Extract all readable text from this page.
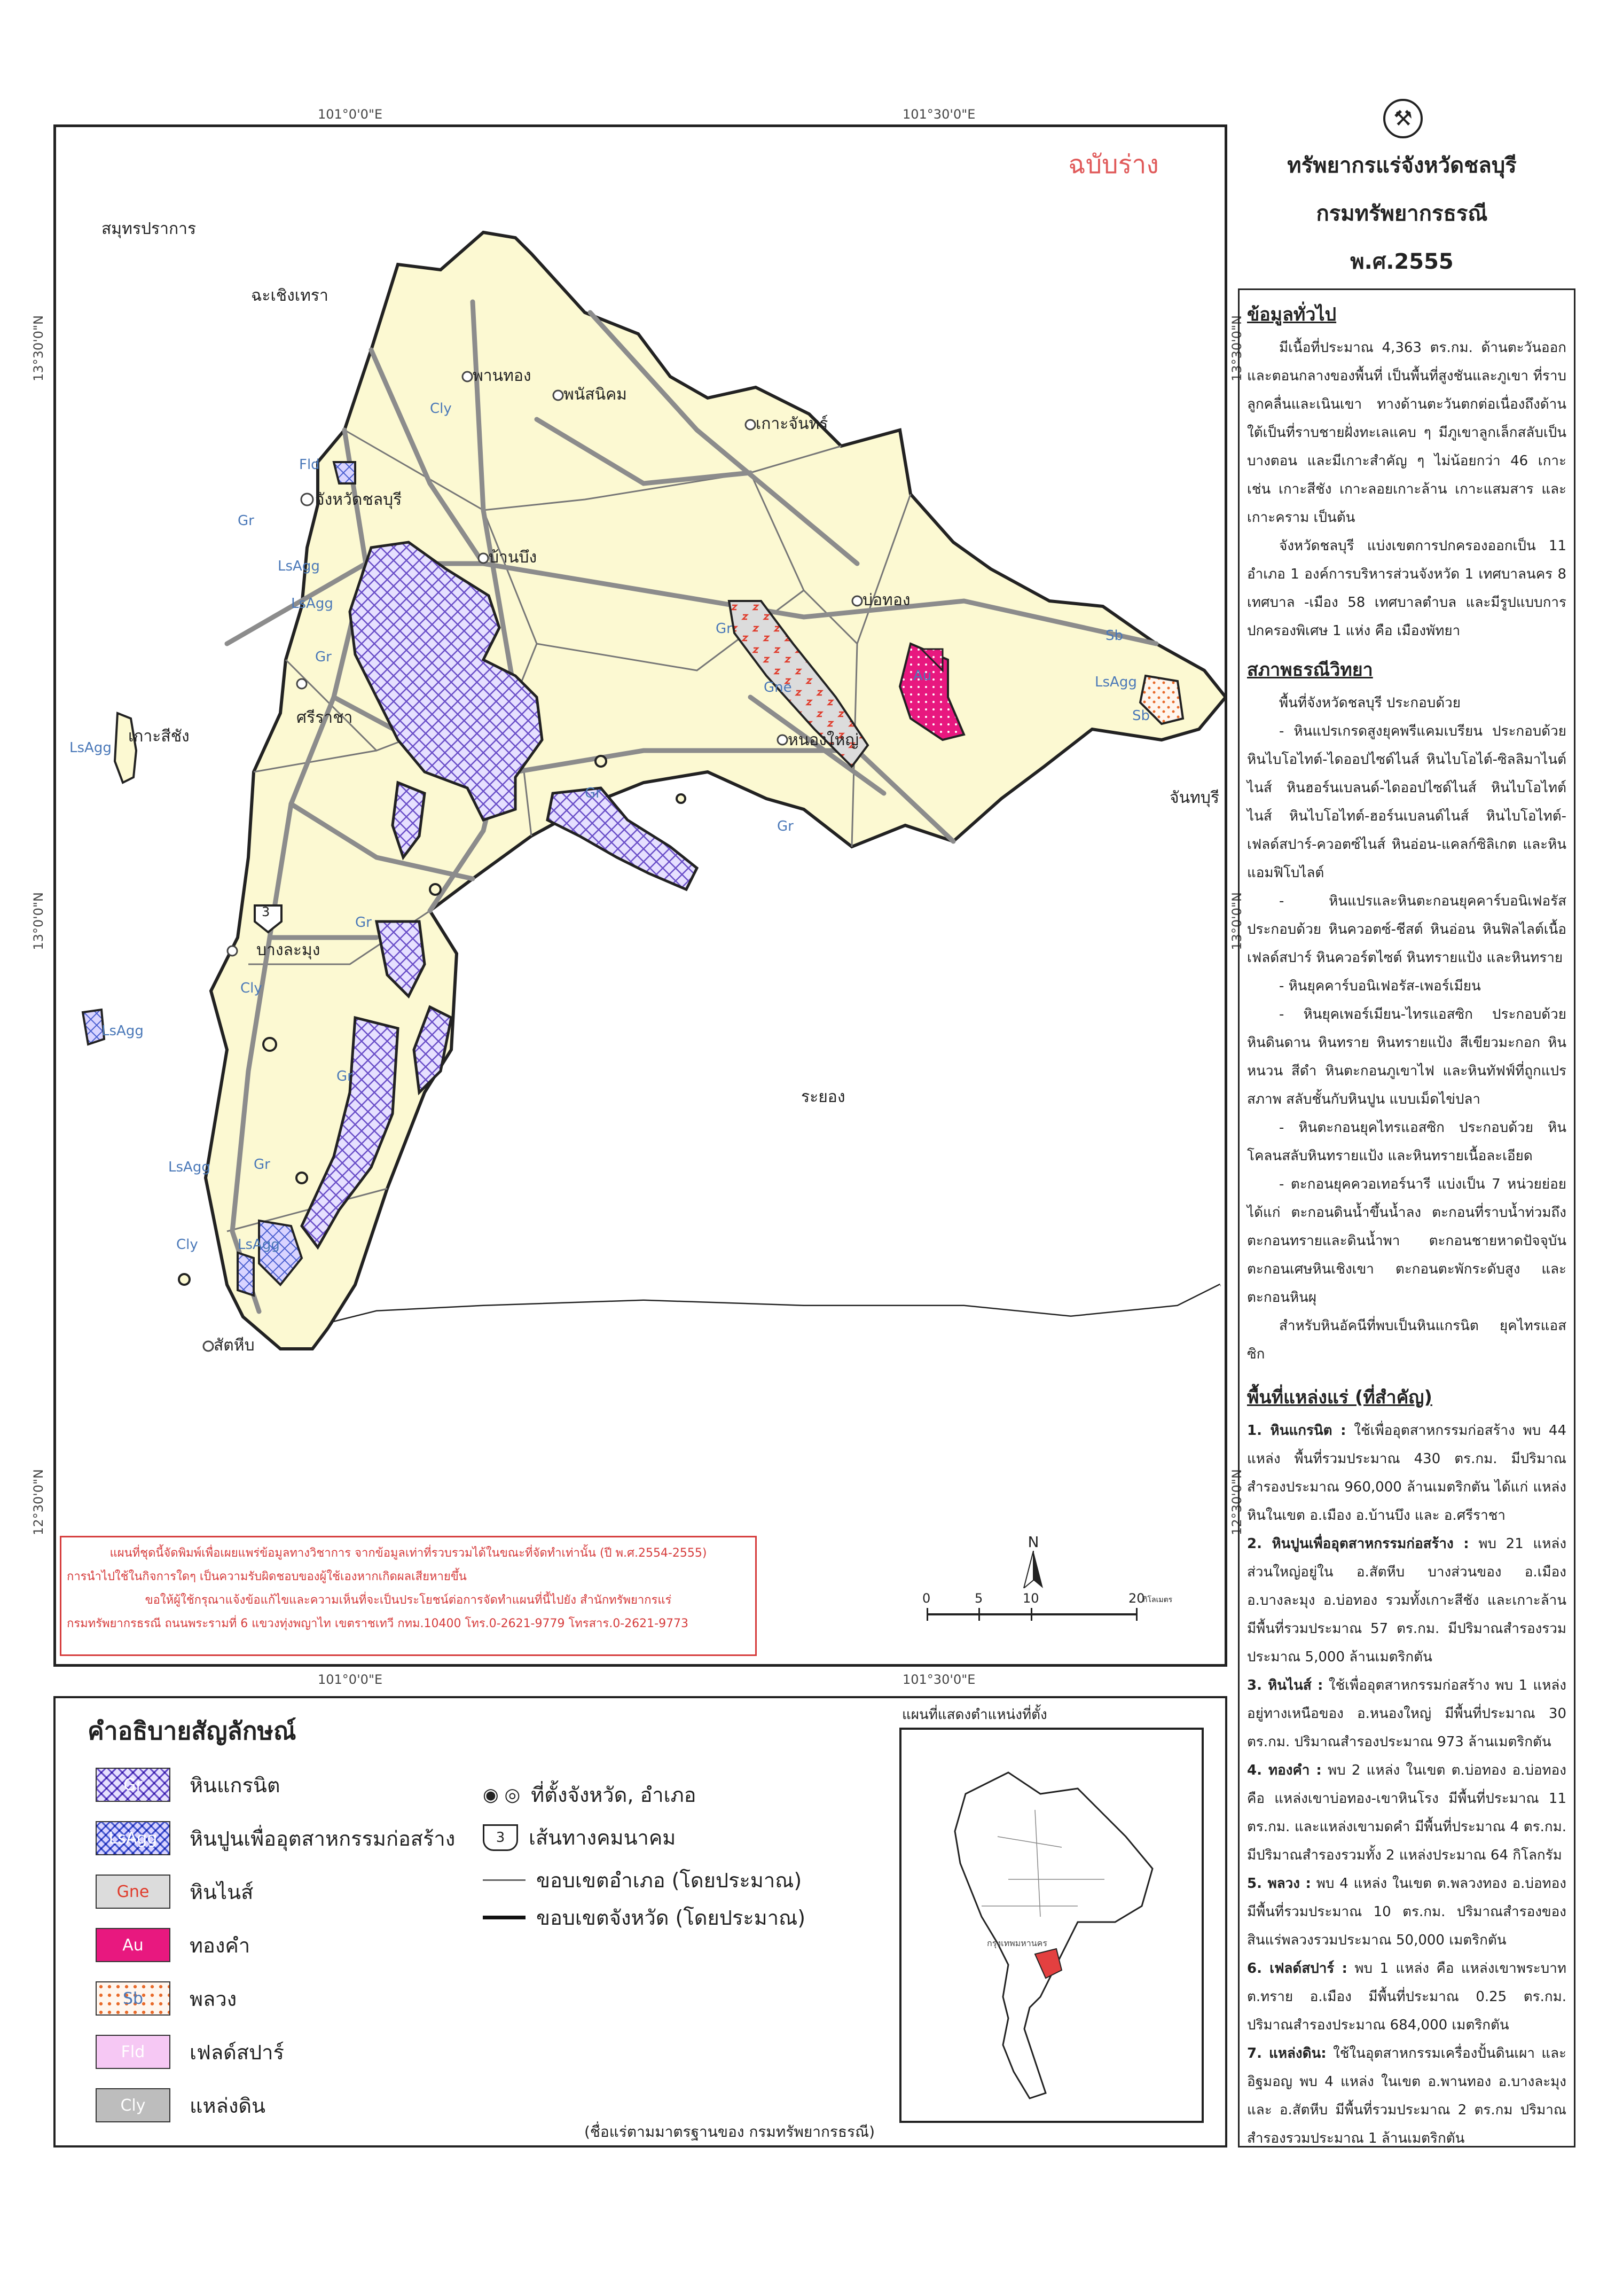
101°0'0"E	101°30'0"E
101°0'0"E	101°30'0"E
13°30'0"N
13°0'0"N
12°30'0"N
13°30'0"N
13°0'0"N
12°30'0"N
ฉบับร่าง
สมุทรปราการ
ฉะเชิงเทรา
จันทบุรี
ระยอง
พานทอง
พนัสนิคม
เกาะจันทร์
จังหวัดชลบุรี
บ้านบึง
บ่อทอง
ศรีราชา
หนองใหญ่
เกาะสีชัง
บางละมุง
สัตหีบ
Cly
Fld
Gr
LsAgg
LsAgg
Gr
Gne
Au
Sb
LsAgg
Sb
LsAgg
Gr
Gr
Gr
Cly
Gr
LsAgg
LsAgg	Gr
Cly	LsAgg
Gr
3
N
0	5	10	20
กิโลเมตร
แผนที่ชุดนี้จัดพิมพ์เพื่อเผยแพร่ข้อมูลทางวิชาการ จากข้อมูลเท่าที่รวบรวมได้ในขณะที่จัดทำเท่านั้น (ปี พ.ศ.2554-2555)
การนำไปใช้ในกิจการใดๆ เป็นความรับผิดชอบของผู้ใช้เองหากเกิดผลเสียหายขึ้น
ขอให้ผู้ใช้กรุณาแจ้งข้อแก้ไขและความเห็นที่จะเป็นประโยชน์ต่อการจัดทำแผนที่นี้ไปยัง สำนักทรัพยากรแร่
กรมทรัพยากรธรณี ถนนพระรามที่ 6 แขวงทุ่งพญาไท เขตราชเทวี กทม.10400 โทร.0-2621-9779 โทรสาร.0-2621-9773
⚒
ทรัพยากรแร่จังหวัดชลบุรี
กรมทรัพยากรธรณี
พ.ศ.2555
ข้อมูลทั่วไป
มีเนื้อที่ประมาณ 4,363 ตร.กม. ด้านตะวันออก และตอนกลางของพื้นที่ เป็นพื้นที่สูงชันและภูเขา ที่ราบลูกคลื่นและเนินเขา ทางด้านตะวันตกต่อเนื่องถึงด้านใต้เป็นที่ราบชายฝั่งทะเลแคบ ๆ มีภูเขาลูกเล็กสลับเป็นบางตอน และมีเกาะสำคัญ ๆ ไม่น้อยกว่า 46 เกาะ เช่น เกาะสีชัง เกาะลอยเกาะล้าน เกาะแสมสาร และเกาะคราม เป็นต้น
จังหวัดชลบุรี แบ่งเขตการปกครองออกเป็น 11 อำเภอ 1 องค์การบริหารส่วนจังหวัด 1 เทศบาลนคร 8 เทศบาล -เมือง 58 เทศบาลตำบล และมีรูปแบบการปกครองพิเศษ 1 แห่ง คือ เมืองพัทยา
สภาพธรณีวิทยา
พื้นที่จังหวัดชลบุรี ประกอบด้วย
- หินแปรเกรดสูงยุคพรีแคมเบรียน ประกอบด้วย หินไบโอไทต์-ไดออปไซด์ไนส์ หินไบโอไต์-ซิลลิมาไนต์ไนส์ หินฮอร์นเบลนด์-ไดออปไซด์ไนส์ หินไบโอไทต์ไนส์ หินไบโอไทต์-ฮอร์นเบลนด์ไนส์ หินไบโอไทต์-เฟลด์สปาร์-ควอตซ์ไนส์ หินอ่อน-แคลก์ซิลิเกต และหินแอมฟิโบไลต์
- หินแปรและหินตะกอนยุคคาร์บอนิเฟอรัส ประกอบด้วย หินควอตซ์-ชีสต์ หินอ่อน หินฟิลไลต์เนื้อเฟลด์สปาร์ หินควอร์ตไซต์ หินทรายแป้ง และหินทราย
- หินยุคคาร์บอนิเฟอรัส-เพอร์เมียน
- หินยุคเพอร์เมียน-ไทรแอสซิก ประกอบด้วย หินดินดาน หินทราย หินทรายแป้ง สีเขียวมะกอก หินหนวน สีดำ หินตะกอนภูเขาไฟ และหินทัฟฟ์ที่ถูกแปรสภาพ สลับชั้นกับหินปูน แบบเม็ดไข่ปลา
- หินตะกอนยุคไทรแอสซิก ประกอบด้วย หินโคลนสลับหินทรายแป้ง และหินทรายเนื้อละเอียด
- ตะกอนยุคควอเทอร์นารี แบ่งเป็น 7 หน่วยย่อย ได้แก่ ตะกอนดินน้ำขึ้นน้ำลง ตะกอนที่ราบน้ำท่วมถึง ตะกอนทรายและดินน้ำพา ตะกอนชายหาดปัจจุบัน ตะกอนเศษหินเชิงเขา ตะกอนตะพักระดับสูง และตะกอนหินผุ
สำหรับหินอัคนีที่พบเป็นหินแกรนิต ยุคไทรแอสซิก
พื้นที่แหล่งแร่ (ที่สำคัญ)
1. หินแกรนิต : ใช้เพื่ออุตสาหกรรมก่อสร้าง พบ 44 แหล่ง พื้นที่รวมประมาณ 430 ตร.กม. มีปริมาณสำรองประมาณ 960,000 ล้านเมตริกตัน ได้แก่ แหล่งหินในเขต อ.เมือง อ.บ้านบึง และ อ.ศรีราชา
2. หินปูนเพื่ออุตสาหกรรมก่อสร้าง : พบ 21 แหล่ง ส่วนใหญ่อยู่ใน อ.สัตหีบ บางส่วนของ อ.เมือง อ.บางละมุง อ.บ่อทอง รวมทั้งเกาะสีชัง และเกาะล้าน มีพื้นที่รวมประมาณ 57 ตร.กม. มีปริมาณสำรองรวมประมาณ 5,000 ล้านเมตริกตัน
3. หินไนส์ : ใช้เพื่ออุตสาหกรรมก่อสร้าง พบ 1 แหล่ง อยู่ทางเหนือของ อ.หนองใหญ่ มีพื้นที่ประมาณ 30 ตร.กม. ปริมาณสำรองประมาณ 973 ล้านเมตริกตัน
4. ทองคำ : พบ 2 แหล่ง ในเขต ต.บ่อทอง อ.บ่อทอง คือ แหล่งเขาบ่อทอง-เขาหินโรง มีพื้นที่ประมาณ 11 ตร.กม. และแหล่งเขามดคำ มีพื้นที่ประมาณ 4 ตร.กม. มีปริมาณสำรองรวมทั้ง 2 แหล่งประมาณ 64 กิโลกรัม
5. พลวง : พบ 4 แหล่ง ในเขต ต.พลวงทอง อ.บ่อทอง มีพื้นที่รวมประมาณ 10 ตร.กม. ปริมาณสำรองของสินแร่พลวงรวมประมาณ 50,000 เมตริกตัน
6. เฟลด์สปาร์ : พบ 1 แหล่ง คือ แหล่งเขาพระบาท ต.ทราย อ.เมือง มีพื้นที่ประมาณ 0.25 ตร.กม. ปริมาณสำรองประมาณ 684,000 เมตริกตัน
7. แหล่งดิน: ใช้ในอุตสาหกรรมเครื่องปั้นดินเผา และอิฐมอญ พบ 4 แหล่ง ในเขต อ.พานทอง อ.บางละมุง และ อ.สัตหีบ มีพื้นที่รวมประมาณ 2 ตร.กม ปริมาณสำรองรวมประมาณ 1 ล้านเมตริกตัน
คำอธิบายสัญลักษณ์
Gr	หินแกรนิต
LsAgg	หินปูนเพื่ออุตสาหกรรมก่อสร้าง
Gne	หินไนส์
Au	ทองคำ
Sb	พลวง
Fld	เฟลด์สปาร์
Cly	แหล่งดิน
◉ ◎ ที่ตั้งจังหวัด, อำเภอ
3 เส้นทางคมนาคม
ขอบเขตอำเภอ (โดยประมาณ)
ขอบเขตจังหวัด (โดยประมาณ)
(ชื่อแร่ตามมาตรฐานของ กรมทรัพยากรธรณี)
แผนที่แสดงตำแหน่งที่ตั้ง
กรุงเทพมหานคร
